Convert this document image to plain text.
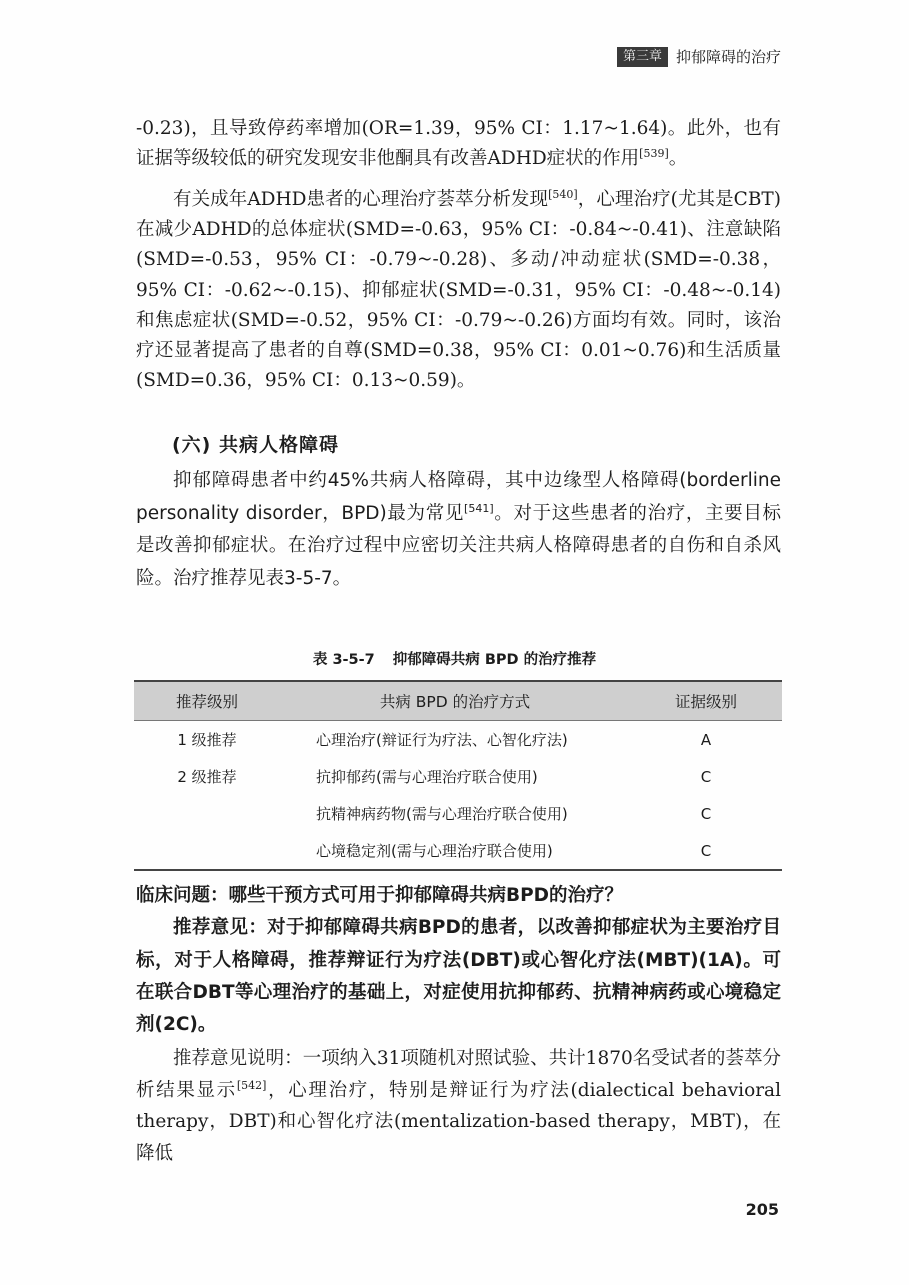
第三章 抑郁障碍的治疗

-0.23)，且导致停药率增加(OR=1.39，95% CI：1.17~1.64)。此外，也有证据等级较低的研究发现安非他酮具有改善ADHD症状的作用[539]。

有关成年ADHD患者的心理治疗荟萃分析发现[540]，心理治疗(尤其是CBT)在减少ADHD的总体症状(SMD=-0.63，95% CI：-0.84~-0.41)、注意缺陷(SMD=-0.53，95% CI：-0.79~-0.28)、多动/冲动症状(SMD=-0.38，95% CI：-0.62~-0.15)、抑郁症状(SMD=-0.31，95% CI：-0.48~-0.14)和焦虑症状(SMD=-0.52，95% CI：-0.79~-0.26)方面均有效。同时，该治疗还显著提高了患者的自尊(SMD=0.38，95% CI：0.01~0.76)和生活质量(SMD=0.36，95% CI：0.13~0.59)。

(六) 共病人格障碍

抑郁障碍患者中约45%共病人格障碍，其中边缘型人格障碍(borderline personality disorder，BPD)最为常见[541]。对于这些患者的治疗，主要目标是改善抑郁症状。在治疗过程中应密切关注共病人格障碍患者的自伤和自杀风险。治疗推荐见表3-5-7。

表 3-5-7 抑郁障碍共病 BPD 的治疗推荐
推荐级别	共病 BPD 的治疗方式	证据级别
1 级推荐	心理治疗(辩证行为疗法、心智化疗法)	A
2 级推荐	抗抑郁药(需与心理治疗联合使用)	C
	抗精神病药物(需与心理治疗联合使用)	C
	心境稳定剂(需与心理治疗联合使用)	C

临床问题：哪些干预方式可用于抑郁障碍共病BPD的治疗？

推荐意见：对于抑郁障碍共病BPD的患者，以改善抑郁症状为主要治疗目标，对于人格障碍，推荐辩证行为疗法(DBT)或心智化疗法(MBT)(1A)。可在联合DBT等心理治疗的基础上，对症使用抗抑郁药、抗精神病药或心境稳定剂(2C)。

推荐意见说明：一项纳入31项随机对照试验、共计1870名受试者的荟萃分析结果显示[542]，心理治疗，特别是辩证行为疗法(dialectical behavioral therapy，DBT)和心智化疗法(mentalization-based therapy，MBT)，在降低

205
